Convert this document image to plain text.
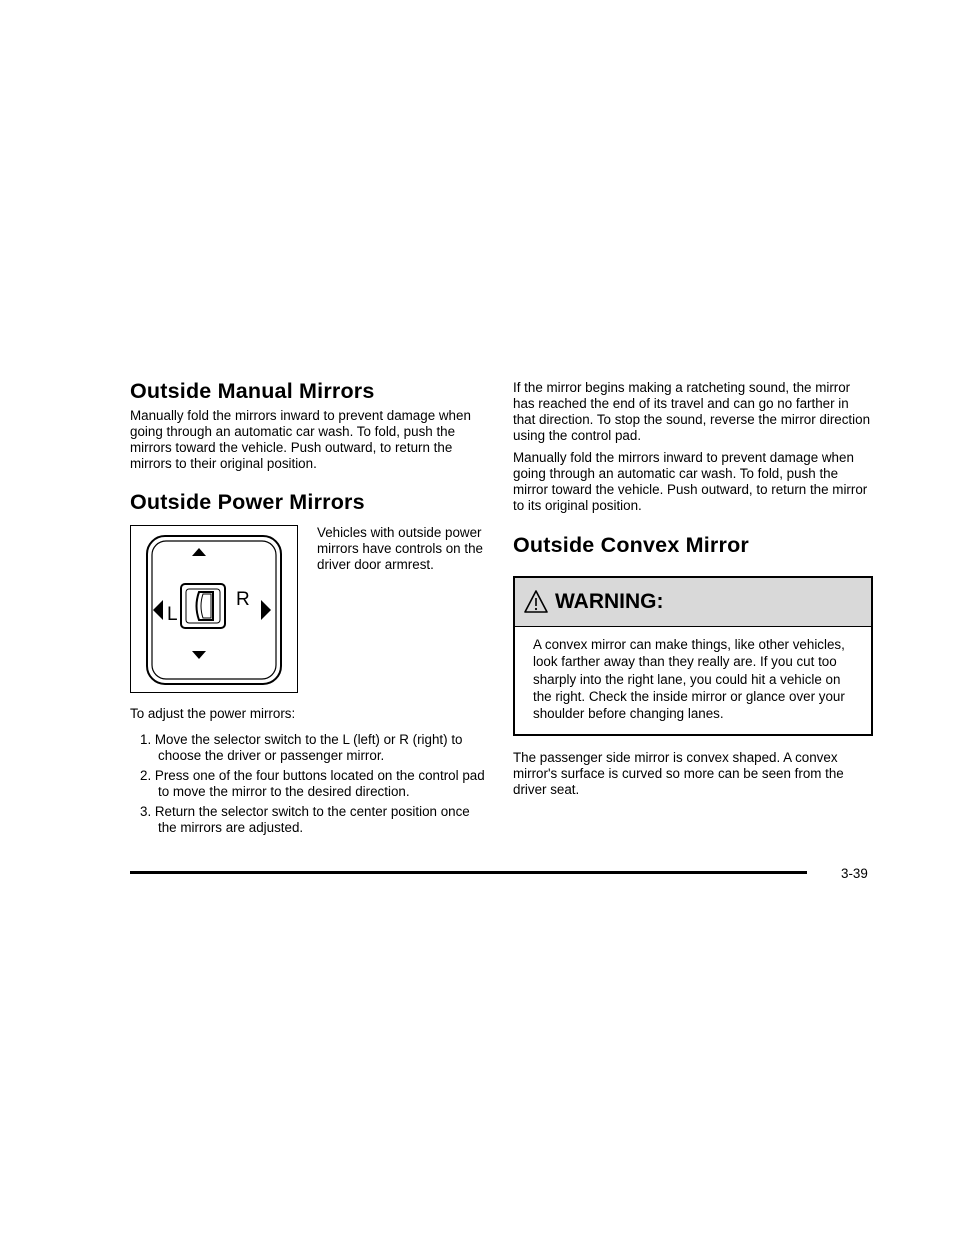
Outside Manual Mirrors

Manually fold the mirrors inward to prevent damage when going through an automatic car wash. To fold, push the mirrors toward the vehicle. Push outward, to return the mirrors to their original position.

Outside Power Mirrors
L
R

Vehicles with outside power mirrors have controls on the driver door armrest.

To adjust the power mirrors:

1. Move the selector switch to the L (left) or R (right) to choose the driver or passenger mirror.
2. Press one of the four buttons located on the control pad to move the mirror to the desired direction.
3. Return the selector switch to the center position once the mirrors are adjusted.

If the mirror begins making a ratcheting sound, the mirror has reached the end of its travel and can go no farther in that direction. To stop the sound, reverse the mirror direction using the control pad.

Manually fold the mirrors inward to prevent damage when going through an automatic car wash. To fold, push the mirror toward the vehicle. Push outward, to return the mirror to its original position.

Outside Convex Mirror
WARNING:

A convex mirror can make things, like other vehicles, look farther away than they really are. If you cut too sharply into the right lane, you could hit a vehicle on the right. Check the inside mirror or glance over your shoulder before changing lanes.

The passenger side mirror is convex shaped. A convex mirror's surface is curved so more can be seen from the driver seat.

3-39
